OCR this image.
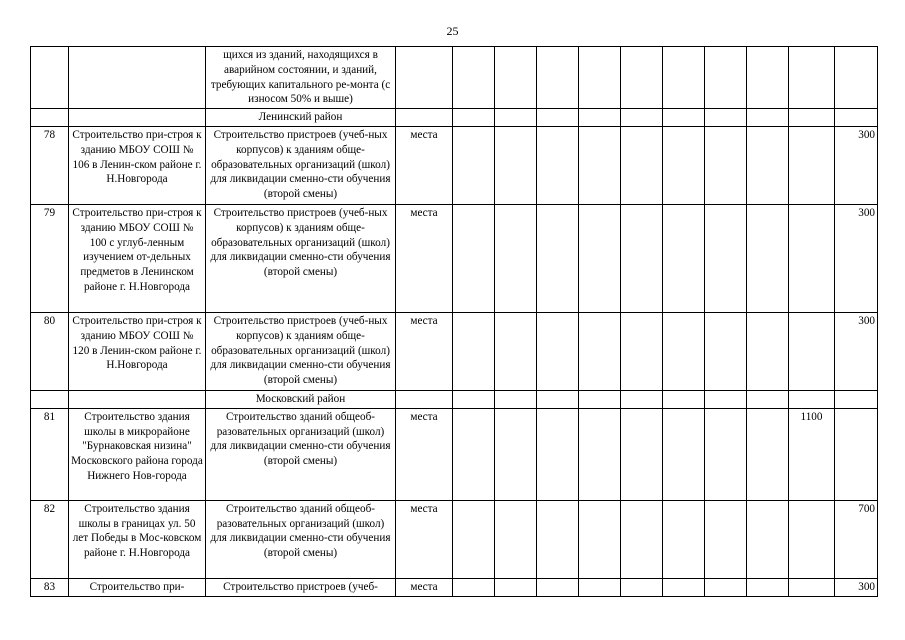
25
		щихся из зданий, находящихся в аварийном состоянии, и зданий, требующих капитального ре-монта (с износом 50% и выше)											
		Ленинский район											
78	Строительство при-строя к зданию МБОУ СОШ № 106 в Ленин-ском районе г. Н.Новгорода	Строительство пристроев (учеб-ных корпусов) к зданиям обще-образовательных организаций (школ) для ликвидации сменно-сти обучения (второй смены)	места										300
79	Строительство при-строя к зданию МБОУ СОШ № 100 с углуб-ленным изучением от-дельных предметов в Ленинском районе г. Н.Новгорода	Строительство пристроев (учеб-ных корпусов) к зданиям обще-образовательных организаций (школ) для ликвидации сменно-сти обучения (второй смены)	места										300
80	Строительство при-строя к зданию МБОУ СОШ № 120 в Ленин-ском районе г. Н.Новгорода	Строительство пристроев (учеб-ных корпусов) к зданиям обще-образовательных организаций (школ) для ликвидации сменно-сти обучения (второй смены)	места										300
		Московский район											
81	Строительство здания школы в микрорайоне "Бурнаковская низина" Московского района города Нижнего Нов-города	Строительство зданий общеоб-разовательных организаций (школ) для ликвидации сменно-сти обучения (второй смены)	места									1100	
82	Строительство здания школы в границах ул. 50 лет Победы в Мос-ковском районе г. Н.Новгорода	Строительство зданий общеоб-разовательных организаций (школ) для ликвидации сменно-сти обучения (второй смены)	места										700
83	Строительство при-	Строительство пристроев (учеб-	места										300
